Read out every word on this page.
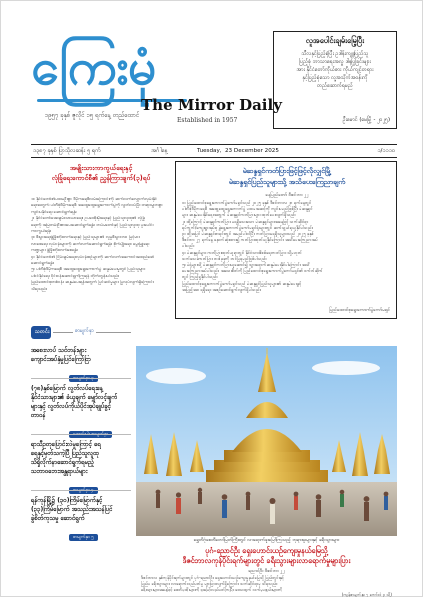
ကြေးမုံ
၁၉၅၇ ခုနှစ် ဇူလိုင် ၁၅ ရက်နေ့ တည်ထောင်
The Mirror Daily
Established in 1957
လူအပေါင်းချမ်းမြေ့ပြီး
သီလနှင့်ပြည့်စုံပြီး ဥဒါန်းကျူးပြည်သူ
ပြည့်စုံ ဘာသာရေးအလှူ ဒါနပြုခြင်းများ
အား နိုင်ငံတော်ကိုယ်စား ကိုယ်ကျင့်တရား
နှင့်ပြည့်စုံသော လူ့အသိုက်အဝန်းကို
တည်ဆောက်ရမည်
ဦးမောင် (မေမြို့ - ၂၀၂၅)
၁၃၈၇ ခုနှစ် ပြာသိုလဆန်း ၅ ရက်	အင်္ဂါနေ့	Tuesday, 23 December 2025	၁/၁၁၁၀
အမျိုးသားကာကွယ်ရေးနှင့်
လုံခြုံရေးကောင်စီ၏ ညွှန်ကြားချက်(၃)ရပ်

၁။ နိုင်ငံတော်၏ပထမဦးစွာ ဒီမိုကရေစီလမ်းကြောင်းကို ဆက်လက်လျှောက်လှမ်းနိုင်

ရေးအတွက် ပါတီစုံဒီမိုကရေစီ အထွေထွေရွေးကောက်ပွဲကို လွတ်လပ်ပြီး တရားမျှတစွာ

ကျင်းပနိုင်ရေး ဆောင်ရွက်ရန်။

၂။ နိုင်ငံတော်အေးချမ်းသာယာရေး၊ ဥပဒေစိုးမိုးရေးနှင့် ပြည်သူလူထု၏ လုံခြုံ

ရေးကို အမြဲတမ်းဦးစားပေးဆောင်ရွက်ရန်။ တပ်မတော်နှင့် ပြည်သူလူထု ပူးပေါင်း

ကာကွယ်ရန်။

၃။ စီးပွားရေးဖွံ့ဖြိုးတိုးတက်ရေးနှင့် ပြည်သူများ၏ လူမှုစီးပွားဘဝ မြင့်မား

လာစေရေး လုပ်ငန်းများကို ဆက်လက်ဆောင်ရွက်ရန်။ စိုက်ပျိုးရေး၊ မွေးမြူရေး

ကဏ္ဍများ ဖွံ့ဖြိုးတိုးတက်စေရန်။

၄။ နိုင်ငံတော်၏ ငြိမ်းချမ်းရေးလုပ်ငန်းစဉ်များကို ဆက်လက်အကောင်အထည်ဖော်

ဆောင်ရွက်ရန်။

၅။ ပါတီစုံဒီမိုကရေစီ အထွေထွေရွေးကောက်ပွဲ ဆန္ဒမဲပေးမှုတွင် ပြည်သူများ

ပါဝင်နိုင်ရေး ဝိုင်းဝန်းဆောင်ရွက်ကြရန် တိုက်တွန်းပါသည်။

ပြည်ထောင်စုတစ်ဝန်း ဆန္ဒမဲပေးရန်အတွက် ပြင်ဆင်မှုများ ပြုလုပ်လျက်ရှိကြောင်း

သိရသည်။

မဲဆန္ဒရှင်ကတ်ပြားဖြင့်ဖြင့်လိုလျှင်မြို့
မဲဆန္ဒရှင်ပြည်သူများသို့ အသိပေးကြေညာချက်
နေပြည်တော် ဒီဇင်ဘာ ၂၂

၁။ ပြည်ထောင်စုရွေးကောက်ပွဲကော်မရှင်သည် ၂၀၂၅ ခုနှစ် ဒီဇင်ဘာလ ၂၈ ရက်နေ့တွင်

ပါတီစုံဒီမိုကရေစီ အထွေထွေရွေးကောက်ပွဲ ပထမအဆင့်ကို ကျင်းပမည်ဖြစ်ပြီး မဲဆန္ဒရှင်

များ ဆန္ဒမဲပေးနိုင်ရေးအတွက် မဲဆန္ဒရှင်ကတ်ပြားများ ထုတ်ပေးလျက်ရှိသည်။

၂။ ထို့ကြောင့် မဲဆန္ဒရှင်ကတ်ပြား မရရှိသေးသော မဲဆန္ဒရှင်များအနေဖြင့် သက်ဆိုင်ရာ

ရပ်ကွက်/ကျေးရွာအုပ်စု ခွဲရွေးကောက်ပွဲကော်မရှင်ရုံးများတွင် ဆက်သွယ်ရယူနိုင်ပါသည်။

၃။ ထို့အပြင် မဲဆန္ဒရှင်စာရင်းတွင် အမည်ပါဝင်ပြီး ကတ်ပြားမရရှိသူများသည် ၂၀၂၅ ခုနှစ်

ဒီဇင်ဘာ ၂၇ ရက်နေ့ နောက်ဆုံးထား၍ ကတ်ပြားထုတ်ယူနိုင်ကြောင်း အသိပေးကြေညာအပ်

ပါသည်။

၄။ မဲဆန္ဒရှင်များ ကတ်ပြားထုတ်ယူရာတွင် နိုင်ငံသားစိစစ်ရေးကတ်ပြား သို့မဟုတ်

သက်သေခံကတ်ပြား တစ်ခုခုကို တင်ပြရမည်ဖြစ်ပါသည်။

၅။ မဲရုံများသို့ မဲဆန္ဒရှင်ကတ်ပြားယူဆောင်၍ သွားရောက်ဆန္ဒမဲပေးနိုင်ပါကြောင်း အသိ

ပေးကြေညာအပ်ပါသည်။ အသေးစိတ်ကို ပြည်ထောင်စုရွေးကောက်ပွဲကော်မရှင်၏ ဝက်ဘ်ဆိုက်

တွင် ကြည့်ရှုနိုင်ပါသည်။

ပြည်ထောင်စုရွေးကောက်ပွဲကော်မရှင်သည် မဲဆန္ဒရှင်ပြည်သူများ၏ ဆန္ဒမဲပေးခွင့်

အပြည့်အဝ ရရှိရေး အစဉ်ဆောင်ရွက်လျက်ရှိပါသည်။

ပြည်ထောင်စုရွေးကောက်ပွဲကော်မရှင်
သတင်း	စာမျက်နှာ
အစေးလာပ် သင်တန်းများ
ကျောင်းအပ်နှံမှုပြင်ကြော်ငြာ
(၇၈)နှစ်မြောက် လွတ်လပ်ရေးနေ့
နိုင်ငံသားများ၏ ခံယူချက် မျှော်လင့်ချက်
များနှင့် လွတ်လပ်ကိုယ်ပိုင်အုပ်ချုပ်ခွင့်
တာဝန်
ရာသီဥတုပြောင်းလဲမှုကြောင့် ရေ
ရေနှင့်မှတ်သကဲ့ပြီ ပြည်သူလူထု
သိရှိလိုက်နာဆောင်ရွက်ရမည့်
သဘာဝဘေးအန္တရာယ်များ
ရန်ကုန်မြို့၌ (၃၀)ကြိမ်မြောက်နှင့်
(၃၃)ကြိမ်မြောက် အသည်းအသန်ပြင်
ခွဲစိတ်ကုသမှု ဆောင်ရွက်
စာမျက်နှာ ၅
ရွှေတိဂုံစေတီတော်မြတ်ကြီးတွင် လာရောက်ဖူးမြော်ကြသည့် ဘုရားဖူးများနှင့် ခရီးသွားများ
ပုဂံ-ညောင်ဦး ရှေးဟောင်းယဉ်ကျေးမှုနယ်မြေသို့
ဒီဇင်ဘာလကုန်ပိုင်းရက်များတွင် ခရီးသွားများလာရောက်မှုများပြား
ညောင်ဦး ဒီဇင်ဘာ ၂၂

ဒီဇင်ဘာလ နှစ်ကုန်ပိုင်းရက်များတွင် ပုဂံ-ညောင်ဦး ရှေးဟောင်းယဉ်ကျေးမှုနယ်မြေသို့ ပြည်တွင်းနှင့်

ပြည်ပ ခရီးသွားများ လာရောက်လည်ပတ်မှု များပြားလျက်ရှိကြောင်း သက်ဆိုင်ရာမှ သိရသည်။

ခရီးသွားများအနေဖြင့် စေတီပုထိုးများကို ဖူးမြော်လည်ပတ်ကြပြီး ဒေသထွက် လက်မှုပစ္စည်းများကို

(ကျန်စာမျက်နှာ ၇ ကော်လံ ၃ သို့)
